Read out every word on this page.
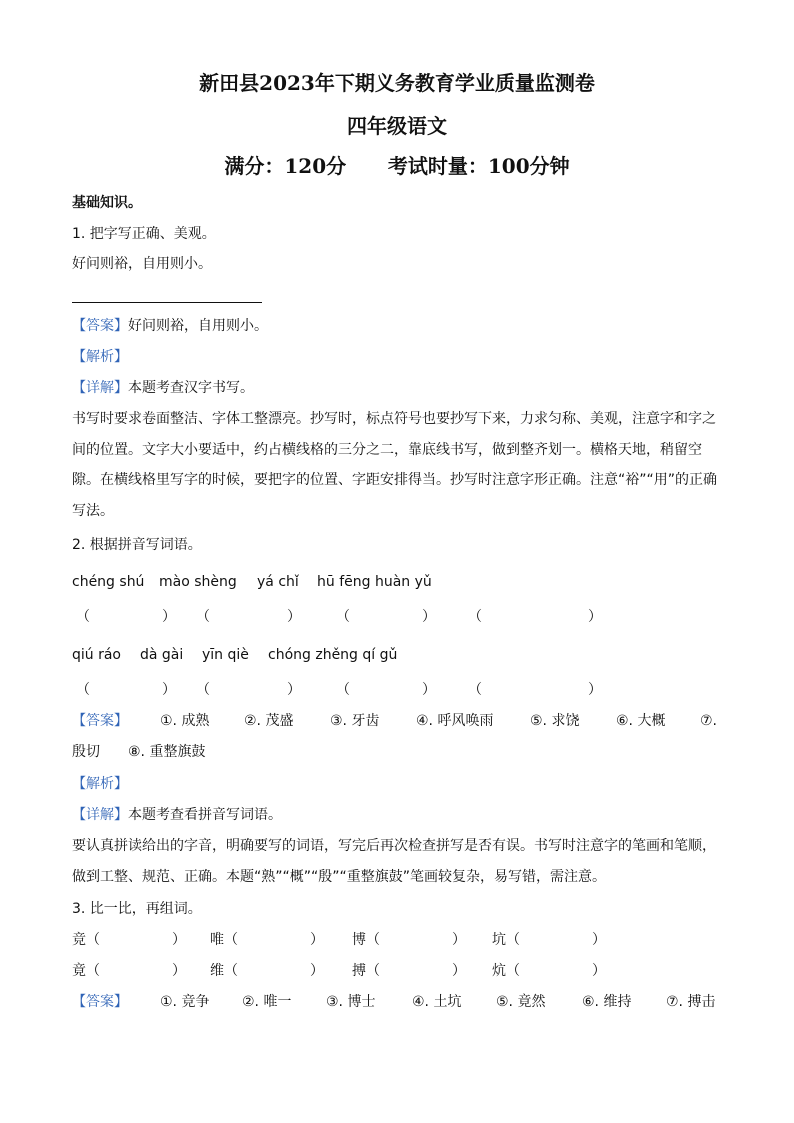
新田县2023年下期义务教育学业质量监测卷
四年级语文
满分：120分      考试时量：100分钟
基础知识。
1. 把字写正确、美观。
好问则裕，自用则小。
【答案】好问则裕，自用则小。
【解析】
【详解】本题考查汉字书写。
书写时要求卷面整洁、字体工整漂亮。抄写时，标点符号也要抄写下来，力求匀称、美观，注意字和字之间的位置。文字大小要适中，约占横线格的三分之二，靠底线书写，做到整齐划一。横格天地，稍留空隙。在横线格里写字的时候，要把字的位置、字距安排得当。抄写时注意字形正确。注意“裕”“用”的正确写法。
2. 根据拼音写词语。
chéng shú mào shèng yá chǐ hū fēng huàn yǔ
（	） （	）	（	） （	）
qiú ráo dà gài yīn qiè chóng zhěng qí gǔ
（	） （	）	（	） （	）
【答案】 ①. 成熟 ②. 茂盛	③. 牙齿	④. 呼风唤雨	⑤. 求饶	⑥. 大概 ⑦.
殷切 ⑧. 重整旗鼓
【解析】
【详解】本题考查看拼音写词语。
要认真拼读给出的字音，明确要写的词语，写完后再次检查拼写是否有误。书写时注意字的笔画和笔顺，做到工整、规范、正确。本题“熟”“概”“殷”“重整旗鼓”笔画较复杂，易写错，需注意。
3. 比一比，再组词。
竞（	） 唯（	） 博（	） 坑（	）
竟（	） 维（	） 搏（	） 炕（	）
【答案】 ①. 竞争 ②. 唯一 ③. 博士	④. 土坑 ⑤. 竟然	⑥. 维持 ⑦. 搏击
